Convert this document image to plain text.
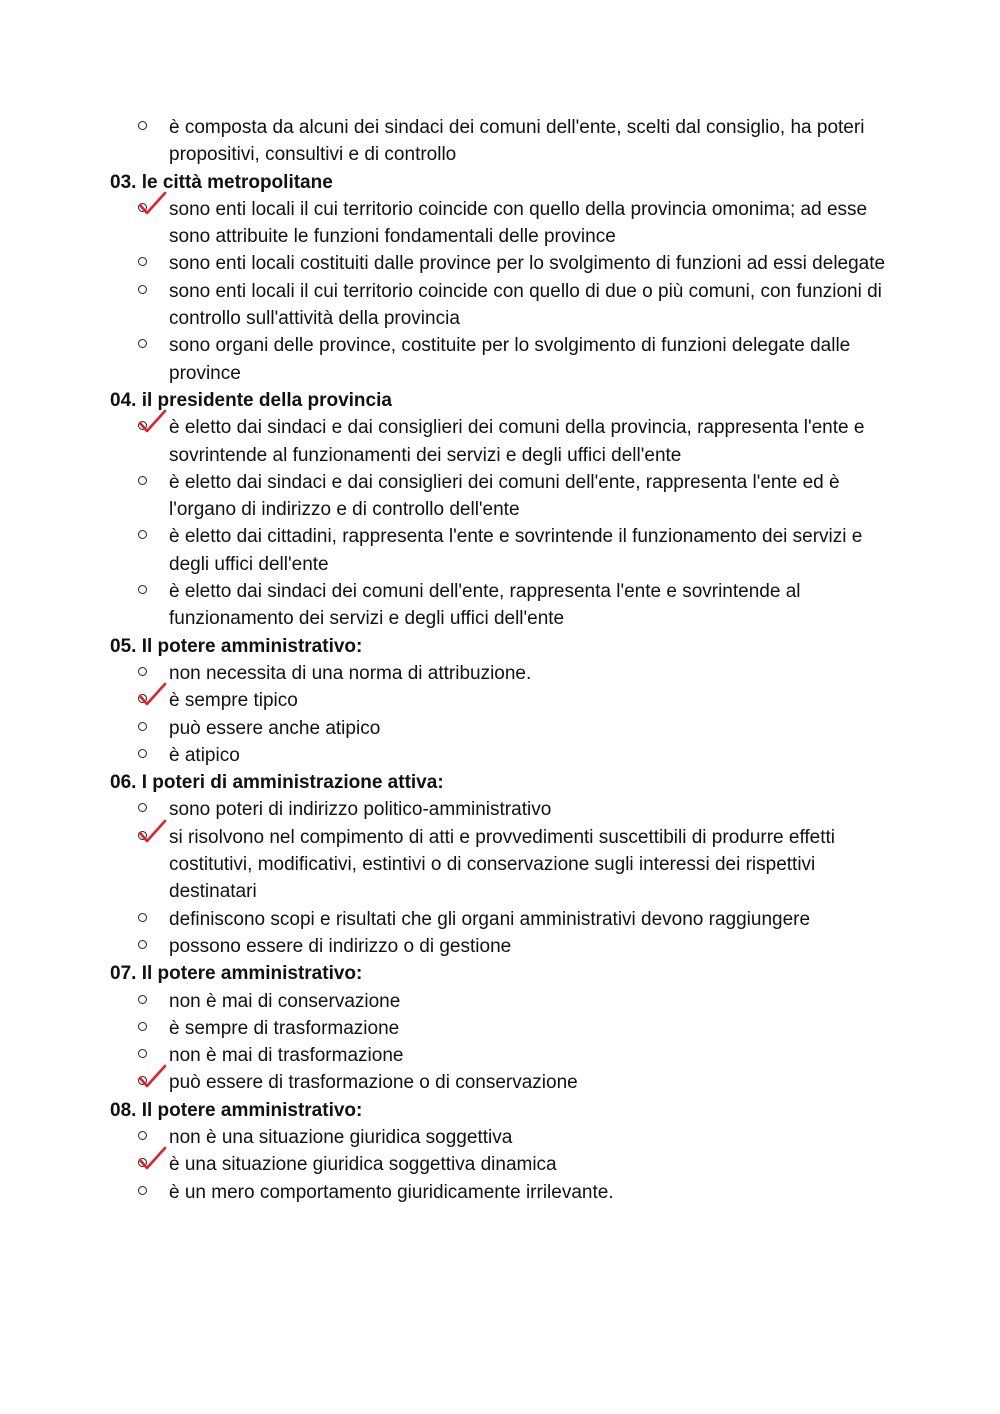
è composta da alcuni dei sindaci dei comuni dell'ente, scelti dal consiglio, ha poteri propositivi, consultivi e di controllo

03. le città metropolitane

sono enti locali il cui territorio coincide con quello della provincia omonima; ad esse sono attribuite le funzioni fondamentali delle province
sono enti locali costituiti dalle province per lo svolgimento di funzioni ad essi delegate
sono enti locali il cui territorio coincide con quello di due o più comuni, con funzioni di controllo sull'attività della provincia
sono organi delle province, costituite per lo svolgimento di funzioni delegate dalle province

04. il presidente della provincia

è eletto dai sindaci e dai consiglieri dei comuni della provincia, rappresenta l'ente e sovrintende al funzionamenti dei servizi e degli uffici dell'ente
è eletto dai sindaci e dai consiglieri dei comuni dell'ente, rappresenta l'ente ed è l'organo di indirizzo e di controllo dell'ente
è eletto dai cittadini, rappresenta l'ente e sovrintende il funzionamento dei servizi e degli uffici dell'ente
è eletto dai sindaci dei comuni dell'ente, rappresenta l'ente e sovrintende al funzionamento dei servizi e degli uffici dell'ente

05. Il potere amministrativo:

non necessita di una norma di attribuzione.
è sempre tipico
può essere anche atipico
è atipico

06. I poteri di amministrazione attiva:

sono poteri di indirizzo politico-amministrativo
si risolvono nel compimento di atti e provvedimenti suscettibili di produrre effetti costitutivi, modificativi, estintivi o di conservazione sugli interessi dei rispettivi destinatari
definiscono scopi e risultati che gli organi amministrativi devono raggiungere
possono essere di indirizzo o di gestione

07. Il potere amministrativo:

non è mai di conservazione
è sempre di trasformazione
non è mai di trasformazione
può essere di trasformazione o di conservazione

08. Il potere amministrativo:

non è una situazione giuridica soggettiva
è una situazione giuridica soggettiva dinamica
è un mero comportamento giuridicamente irrilevante.
